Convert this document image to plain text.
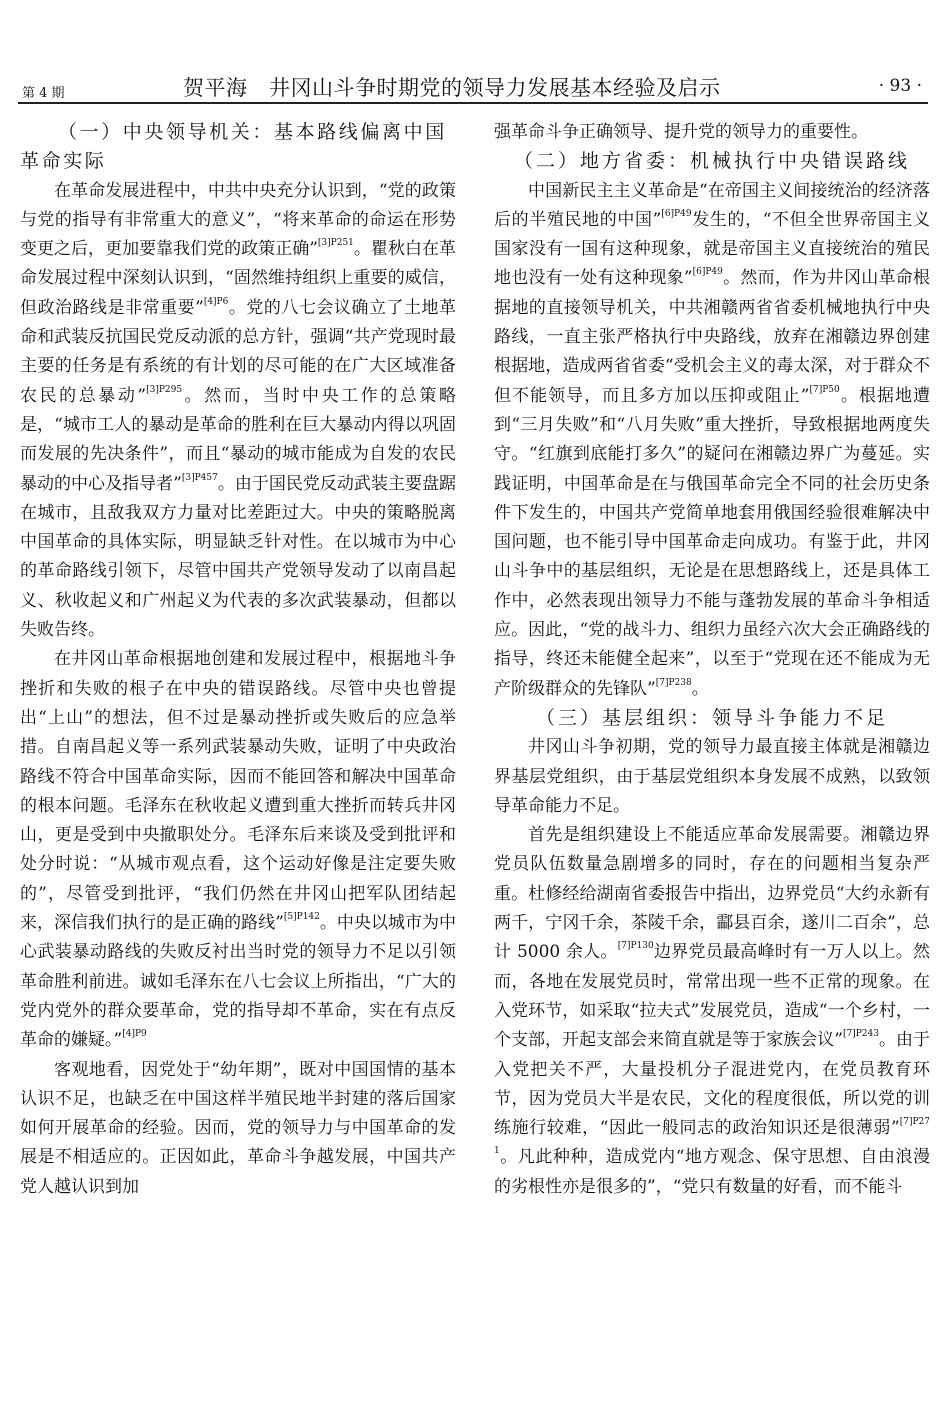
第 4 期	贺平海　井冈山斗争时期党的领导力发展基本经验及启示	· 93 ·

（一）中央领导机关：基本路线偏离中国革命实际

在革命发展进程中，中共中央充分认识到，“党的政策与党的指导有非常重大的意义”，“将来革命的命运在形势变更之后，更加要靠我们党的政策正确”$^{[3]P251}$。瞿秋白在革命发展过程中深刻认识到，“固然维持组织上重要的威信，但政治路线是非常重要”$^{[4]P6}$。党的八七会议确立了土地革命和武装反抗国民党反动派的总方针，强调“共产党现时最主要的任务是有系统的有计划的尽可能的在广大区域准备农民的总暴动”$^{[3]P295}$。然而，当时中央工作的总策略是，“城市工人的暴动是革命的胜利在巨大暴动内得以巩固而发展的先决条件”，而且“暴动的城市能成为自发的农民暴动的中心及指导者”$^{[3]P457}$。由于国民党反动武装主要盘踞在城市，且敌我双方力量对比差距过大。中央的策略脱离中国革命的具体实际，明显缺乏针对性。在以城市为中心的革命路线引领下，尽管中国共产党领导发动了以南昌起义、秋收起义和广州起义为代表的多次武装暴动，但都以失败告终。

在井冈山革命根据地创建和发展过程中，根据地斗争挫折和失败的根子在中央的错误路线。尽管中央也曾提出“上山”的想法，但不过是暴动挫折或失败后的应急举措。自南昌起义等一系列武装暴动失败，证明了中央政治路线不符合中国革命实际，因而不能回答和解决中国革命的根本问题。毛泽东在秋收起义遭到重大挫折而转兵井冈山，更是受到中央撤职处分。毛泽东后来谈及受到批评和处分时说：“从城市观点看，这个运动好像是注定要失败的”，尽管受到批评，“我们仍然在井冈山把军队团结起来，深信我们执行的是正确的路线”$^{[5]P142}$。中央以城市为中心武装暴动路线的失败反衬出当时党的领导力不足以引领革命胜利前进。诚如毛泽东在八七会议上所指出，“广大的党内党外的群众要革命，党的指导却不革命，实在有点反革命的嫌疑。”$^{[4]P9}$

客观地看，因党处于“幼年期”，既对中国国情的基本认识不足，也缺乏在中国这样半殖民地半封建的落后国家如何开展革命的经验。因而，党的领导力与中国革命的发展是不相适应的。正因如此，革命斗争越发展，中国共产党人越认识到加

强革命斗争正确领导、提升党的领导力的重要性。

（二）地方省委：机械执行中央错误路线

中国新民主主义革命是“在帝国主义间接统治的经济落后的半殖民地的中国”$^{[6]P49}$发生的，“不但全世界帝国主义国家没有一国有这种现象，就是帝国主义直接统治的殖民地也没有一处有这种现象”$^{[6]P49}$。然而，作为井冈山革命根据地的直接领导机关，中共湘赣两省省委机械地执行中央路线，一直主张严格执行中央路线，放弃在湘赣边界创建根据地，造成两省省委“受机会主义的毒太深，对于群众不但不能领导，而且多方加以压抑或阻止”$^{[7]P50}$。根据地遭到“三月失败”和“八月失败”重大挫折，导致根据地两度失守。“红旗到底能打多久”的疑问在湘赣边界广为蔓延。实践证明，中国革命是在与俄国革命完全不同的社会历史条件下发生的，中国共产党简单地套用俄国经验很难解决中国问题，也不能引导中国革命走向成功。有鉴于此，井冈山斗争中的基层组织，无论是在思想路线上，还是具体工作中，必然表现出领导力不能与蓬勃发展的革命斗争相适应。因此，“党的战斗力、组织力虽经六次大会正确路线的指导，终还未能健全起来”，以至于“党现在还不能成为无产阶级群众的先锋队”$^{[7]P238}$。

（三）基层组织：领导斗争能力不足

井冈山斗争初期，党的领导力最直接主体就是湘赣边界基层党组织，由于基层党组织本身发展不成熟，以致领导革命能力不足。

首先是组织建设上不能适应革命发展需要。湘赣边界党员队伍数量急剧增多的同时，存在的问题相当复杂严重。杜修经给湖南省委报告中指出，边界党员“大约永新有两千，宁冈千余，茶陵千余，酃县百余，遂川二百余”，总计 5000 余人。$^{[7]P130}$边界党员最高峰时有一万人以上。然而，各地在发展党员时，常常出现一些不正常的现象。在入党环节，如采取“拉夫式”发展党员，造成“一个乡村，一个支部，开起支部会来简直就是等于家族会议”$^{[7]P243}$。由于入党把关不严，大量投机分子混进党内，在党员教育环节，因为党员大半是农民，文化的程度很低，所以党的训练施行较难，“因此一般同志的政治知识还是很薄弱”$^{[7]P271}$。凡此种种，造成党内“地方观念、保守思想、自由浪漫的劣根性亦是很多的”，“党只有数量的好看，而不能斗
